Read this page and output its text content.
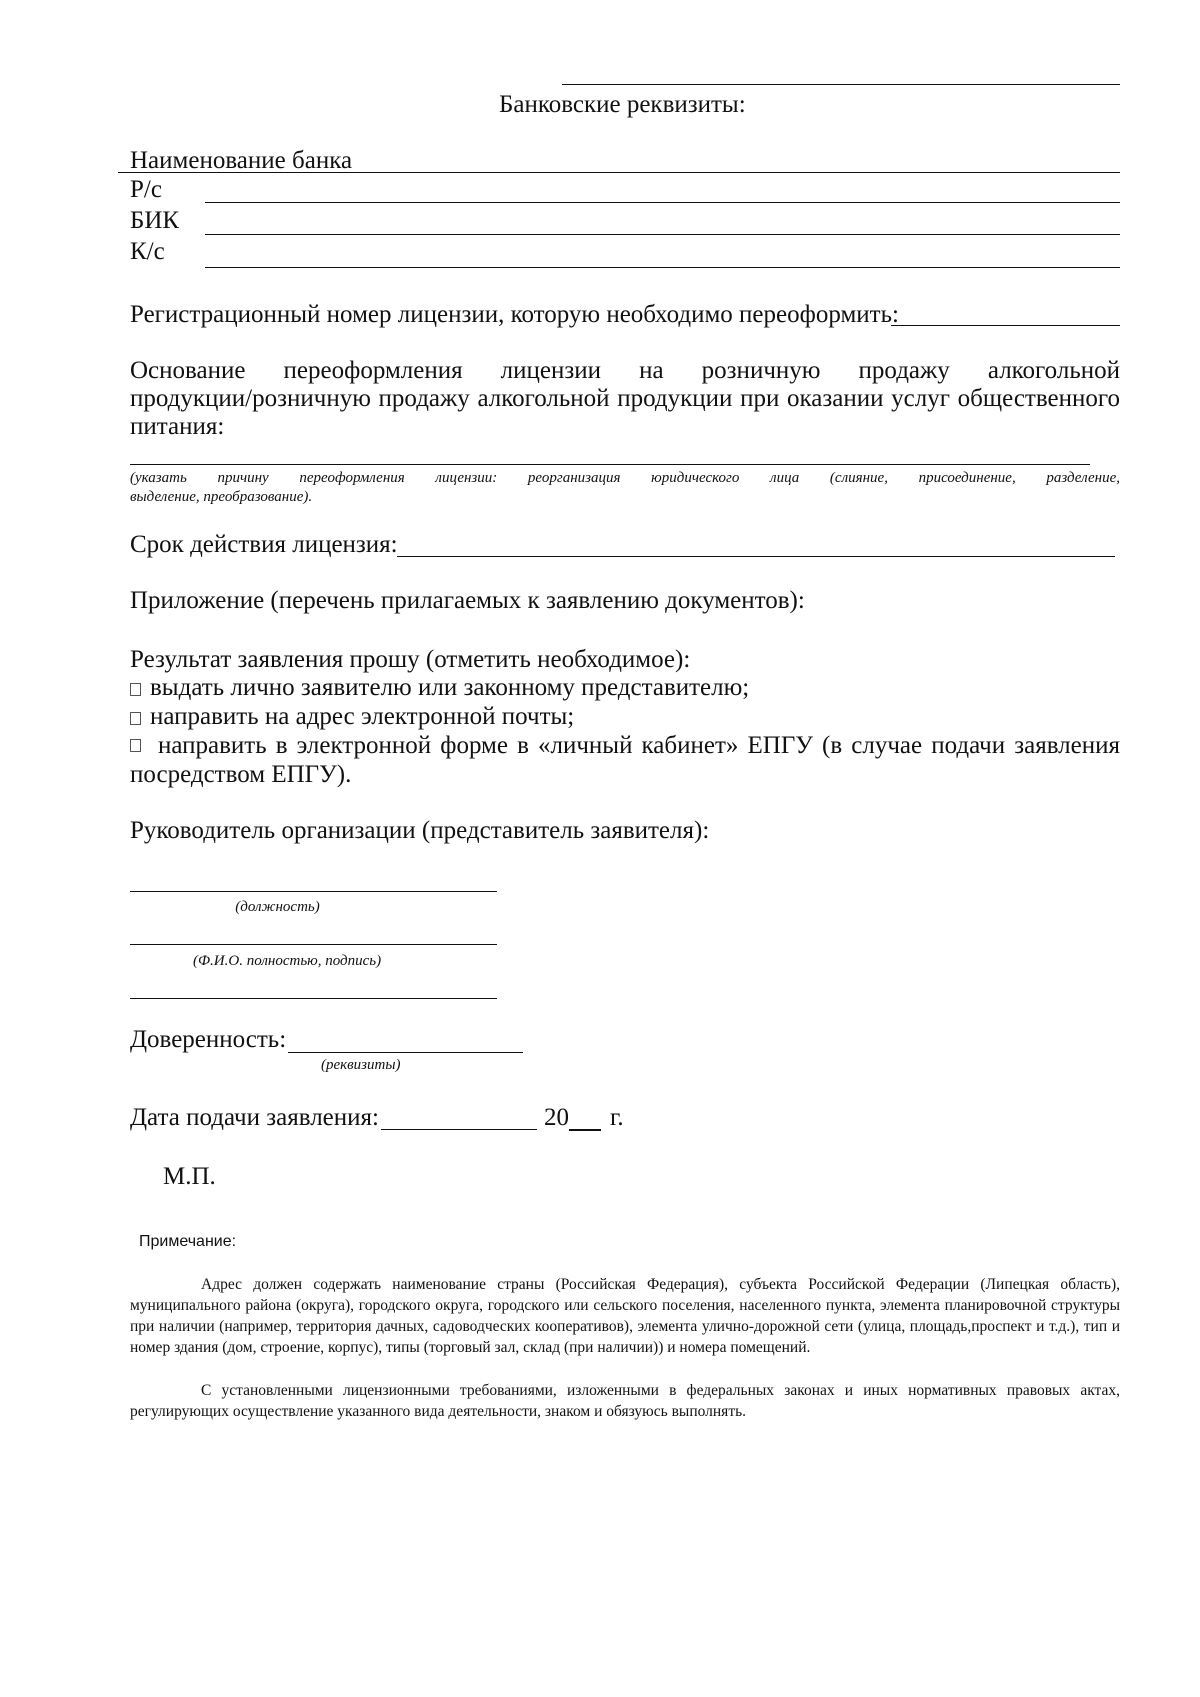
Банковские реквизиты:
Наименование банка
Р/с
БИК
К/с
Регистрационный номер лицензии, которую необходимо переоформить:
Основание переоформления лицензии на розничную продажу алкогольной
продукции/розничную продажу алкогольной продукции при оказании услуг общественного
питания:
(указать причину переоформления лицензии: реорганизация юридического лица (слияние, присоединение, разделение,
выделение, преобразование).
Срок действия лицензия:
Приложение (перечень прилагаемых к заявлению документов):
Результат заявления прошу (отметить необходимое):
выдать лично заявителю или законному представителю;
направить на адрес электронной почты;
направить в электронной форме в «личный кабинет» ЕПГУ (в случае подачи заявления
посредством ЕПГУ).
Руководитель организации (представитель заявителя):
(должность)
(Ф.И.О. полностью, подпись)
Доверенность:
(реквизиты)
Дата подачи заявления:	20 г.
М.П.
Примечание:
Адрес должен содержать наименование страны (Российская Федерация), субъекта Российской Федерации (Липецкая область), муниципального района (округа), городского округа, городского или сельского поселения, населенного пункта, элемента планировочной структуры при наличии (например, территория дачных, садоводческих кооперативов), элемента улично-дорожной сети (улица, площадь,проспект и т.д.), тип и номер здания (дом, строение, корпус), типы (торговый зал, склад (при наличии)) и номера помещений.
С установленными лицензионными требованиями, изложенными в федеральных законах и иных нормативных правовых актах, регулирующих осуществление указанного вида деятельности, знаком и обязуюсь выполнять.
